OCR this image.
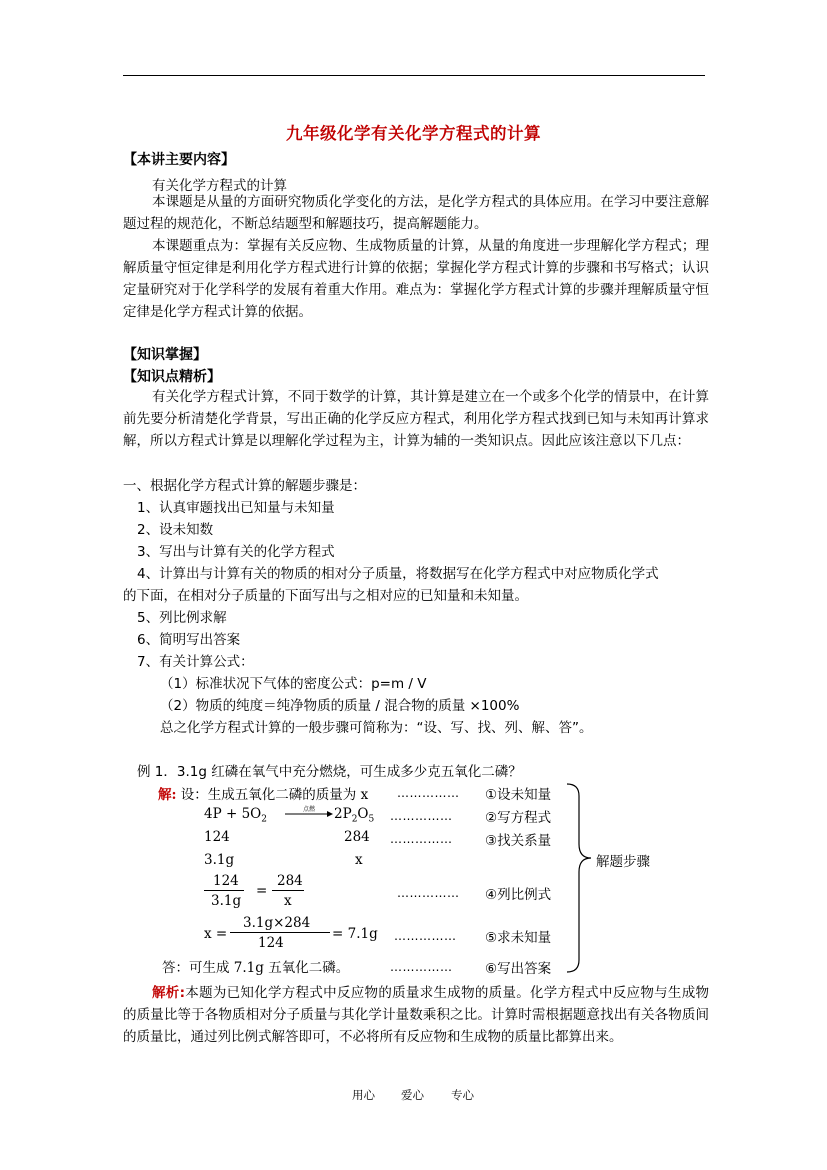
九年级化学有关化学方程式的计算
【本讲主要内容】
有关化学方程式的计算

本课题是从量的方面研究物质化学变化的方法，是化学方程式的具体应用。在学习中要注意解题过程的规范化，不断总结题型和解题技巧，提高解题能力。

本课题重点为：掌握有关反应物、生成物质量的计算，从量的角度进一步理解化学方程式；理解质量守恒定律是利用化学方程式进行计算的依据；掌握化学方程式计算的步骤和书写格式；认识定量研究对于化学科学的发展有着重大作用。难点为：掌握化学方程式计算的步骤并理解质量守恒定律是化学方程式计算的依据。

【知识掌握】
【知识点精析】

有关化学方程式计算，不同于数学的计算，其计算是建立在一个或多个化学的情景中，在计算前先要分析清楚化学背景，写出正确的化学反应方程式，利用化学方程式找到已知与未知再计算求解，所以方程式计算是以理解化学过程为主，计算为辅的一类知识点。因此应该注意以下几点：

一、根据化学方程式计算的解题步骤是：
1、认真审题找出已知量与未知量
2、设未知数
3、写出与计算有关的化学方程式
4、计算出与计算有关的物质的相对分子质量，将数据写在化学方程式中对应物质化学式
的下面，在相对分子质量的下面写出与之相对应的已知量和未知量。
5、列比例求解
6、简明写出答案
7、有关计算公式：
（1）标准状况下气体的密度公式：p=m / V
（2）物质的纯度＝纯净物质的质量 / 混合物的质量 ×100%
总之化学方程式计算的一般步骤可简称为：“设、写、找、列、解、答”。
例 1．3.1g 红磷在氧气中充分燃烧，可生成多少克五氧化二磷？
解: 设：生成五氧化二磷的质量为 x
$4P + 5O_2$
点燃 $2P_2O_5$
124	284
3.1g	x
124
3.1g
=
284
x
x =
3.1g×284
124
= 7.1g
答：可生成 7.1g 五氧化二磷。
……………
……………
……………
……………
……………
……………
①设未知量
②写方程式
③找关系量
④列比例式
⑤求未知量
⑥写出答案
解题步骤

解析:本题为已知化学方程式中反应物的质量求生成物的质量。化学方程式中反应物与生成物的质量比等于各物质相对分子质量与其化学计量数乘积之比。计算时需根据题意找出有关各物质间的质量比，通过列比例式解答即可，不必将所有反应物和生成物的质量比都算出来。

用心 爱心 专心
